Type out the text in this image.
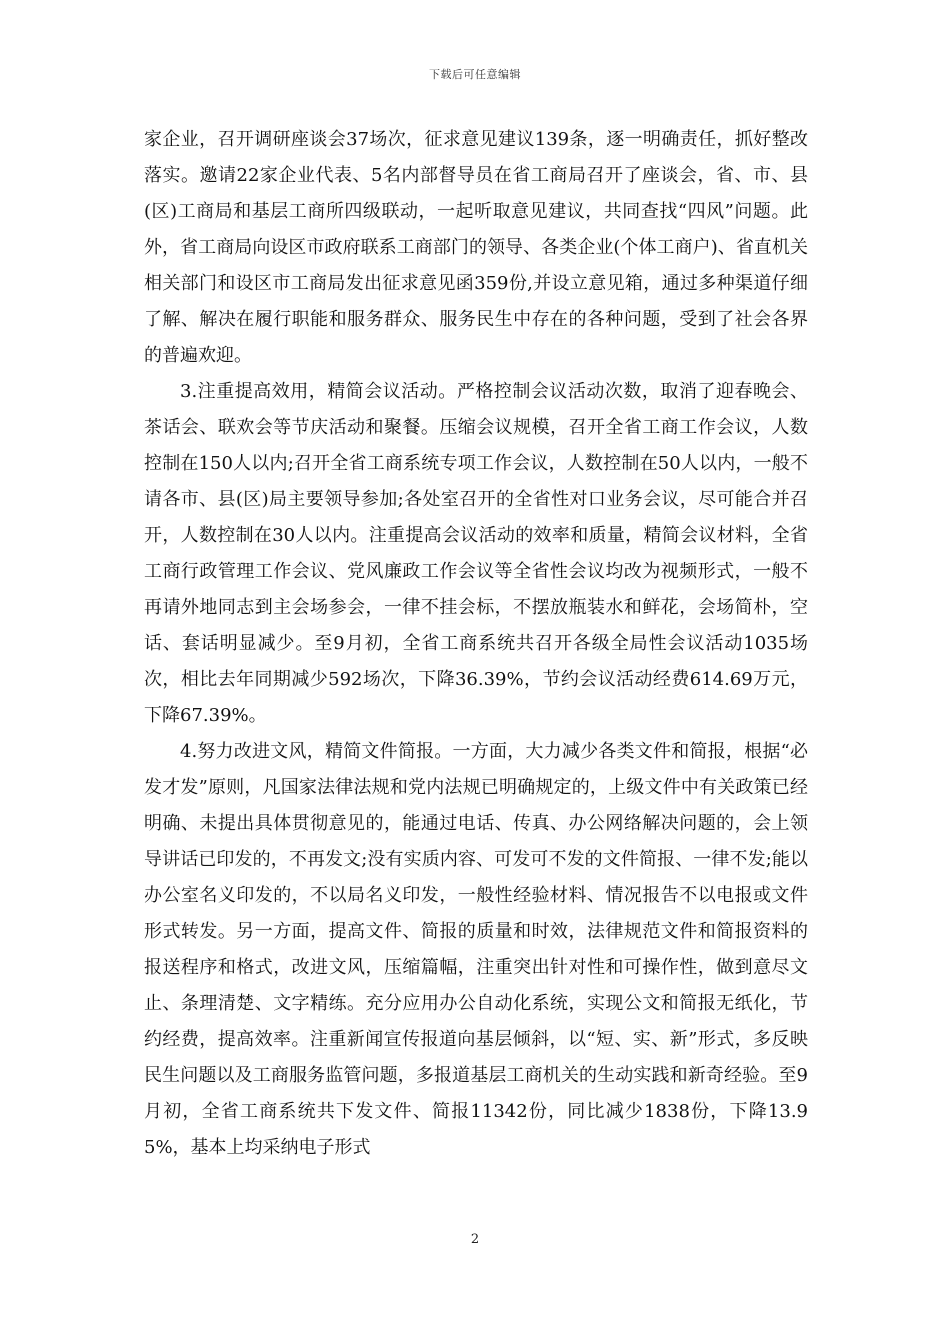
下载后可任意编辑

家企业，召开调研座谈会37场次，征求意见建议139条，逐一明确责任，抓好整改落实。邀请22家企业代表、5名内部督导员在省工商局召开了座谈会，省、市、县(区)工商局和基层工商所四级联动，一起听取意见建议，共同查找“四风”问题。此外，省工商局向设区市政府联系工商部门的领导、各类企业(个体工商户)、省直机关相关部门和设区市工商局发出征求意见函359份,并设立意见箱，通过多种渠道仔细了解、解决在履行职能和服务群众、服务民生中存在的各种问题，受到了社会各界的普遍欢迎。

3.注重提高效用，精简会议活动。严格控制会议活动次数，取消了迎春晚会、茶话会、联欢会等节庆活动和聚餐。压缩会议规模，召开全省工商工作会议，人数控制在150人以内;召开全省工商系统专项工作会议，人数控制在50人以内，一般不请各市、县(区)局主要领导参加;各处室召开的全省性对口业务会议，尽可能合并召开，人数控制在30人以内。注重提高会议活动的效率和质量，精简会议材料，全省工商行政管理工作会议、党风廉政工作会议等全省性会议均改为视频形式，一般不再请外地同志到主会场参会，一律不挂会标，不摆放瓶装水和鲜花，会场简朴，空话、套话明显减少。至9月初，全省工商系统共召开各级全局性会议活动1035场次，相比去年同期减少592场次，下降36.39%，节约会议活动经费614.69万元，下降67.39%。

4.努力改进文风，精简文件简报。一方面，大力减少各类文件和简报，根据“必发才发”原则，凡国家法律法规和党内法规已明确规定的，上级文件中有关政策已经明确、未提出具体贯彻意见的，能通过电话、传真、办公网络解决问题的，会上领导讲话已印发的，不再发文;没有实质内容、可发可不发的文件简报、一律不发;能以办公室名义印发的，不以局名义印发，一般性经验材料、情况报告不以电报或文件形式转发。另一方面，提高文件、简报的质量和时效，法律规范文件和简报资料的报送程序和格式，改进文风，压缩篇幅，注重突出针对性和可操作性，做到意尽文止、条理清楚、文字精练。充分应用办公自动化系统，实现公文和简报无纸化，节约经费，提高效率。注重新闻宣传报道向基层倾斜，以“短、实、新”形式，多反映民生问题以及工商服务监管问题，多报道基层工商机关的生动实践和新奇经验。至9月初，全省工商系统共下发文件、简报11342份，同比减少1838份，下降13.95%，基本上均采纳电子形式

2
